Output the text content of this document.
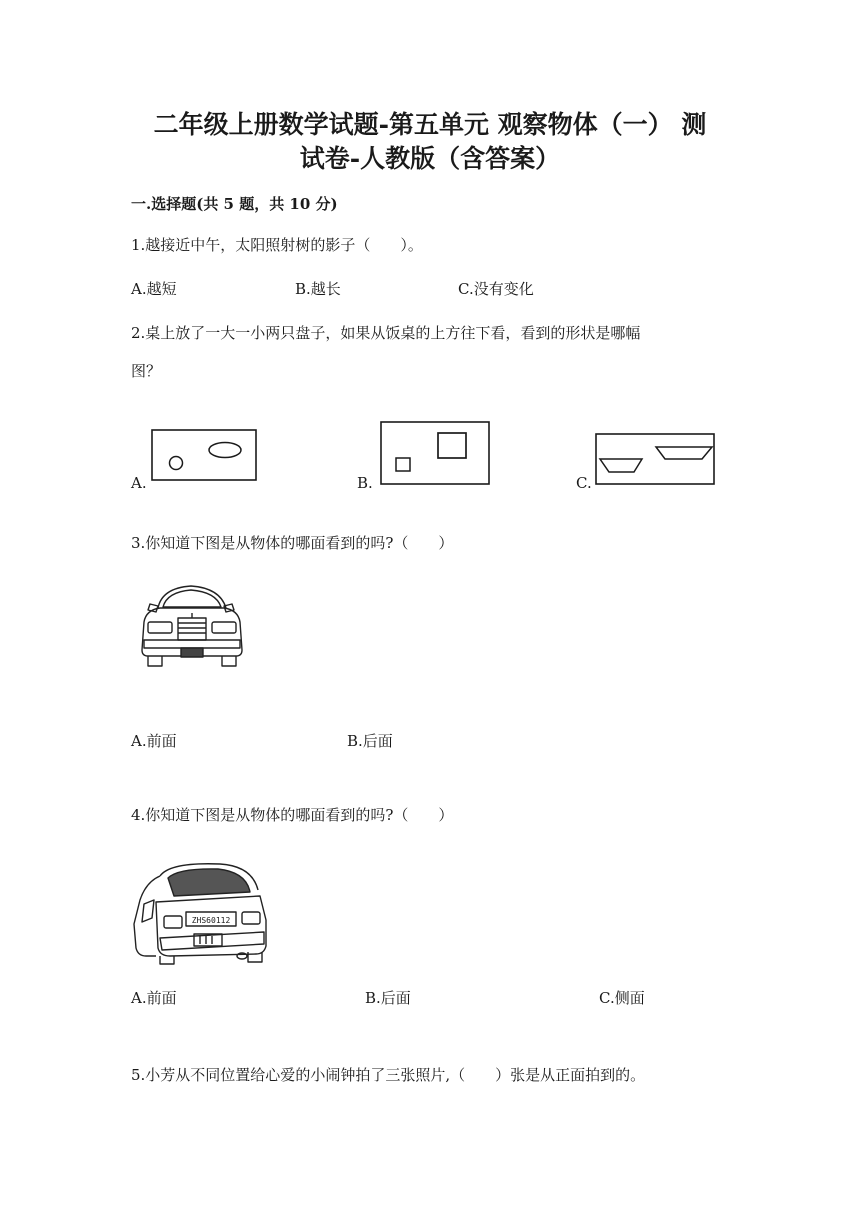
二年级上册数学试题-第五单元 观察物体（一） 测
试卷-人教版（含答案）
一.选择题(共 5 题，共 10 分)
1.越接近中午，太阳照射树的影子（　　）。
A.越短	B.越长	C.没有变化
2.桌上放了一大一小两只盘子，如果从饭桌的上方往下看，看到的形状是哪幅
图？
A.	B.	C.
3.你知道下图是从物体的哪面看到的吗?（　　）
A.前面	B.后面
4.你知道下图是从物体的哪面看到的吗?（　　）
ZHS60112
A.前面	B.后面	C.侧面
5.小芳从不同位置给心爱的小闹钟拍了三张照片,（　　）张是从正面拍到的。
